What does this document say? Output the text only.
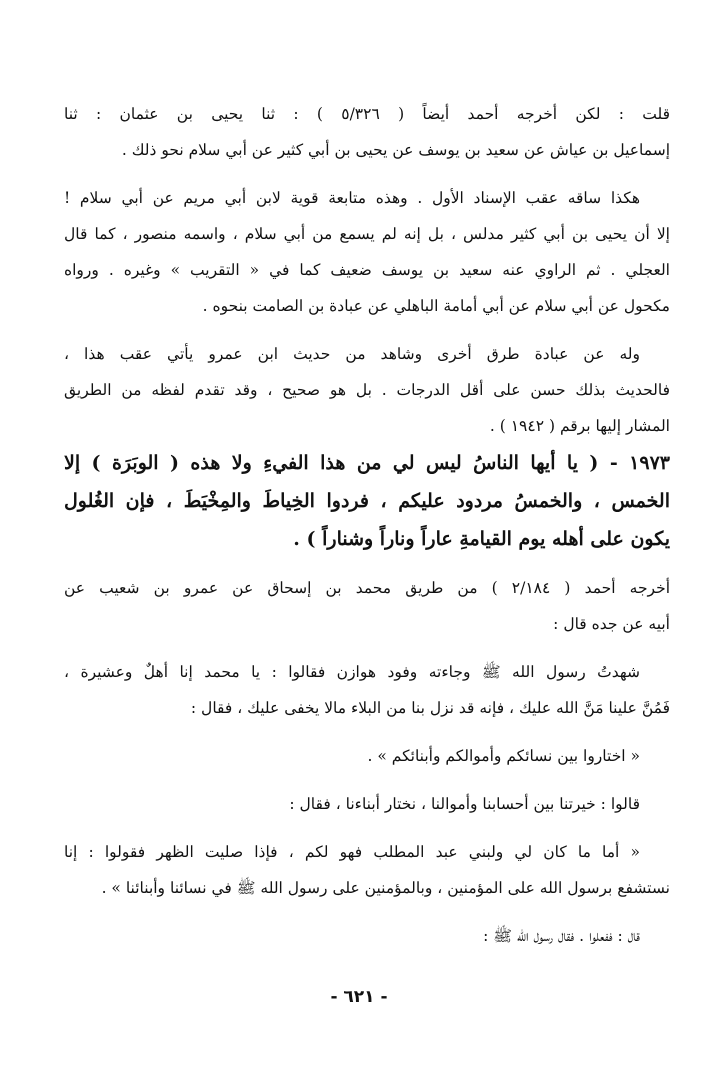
قلت : لكن أخرجه أحمد أيضاً ( ٥/٣٢٦ ) : ثنا يحيى بن عثمان : ثنا
إسماعيل بن عياش عن سعيد بن يوسف عن يحيى بن أبي كثير عن أبي سلام نحو ذلك .
هكذا ساقه عقب الإسناد الأول . وهذه متابعة قوية لابن أبي مريم عن أبي سلام !
إلا أن يحيى بن أبي كثير مدلس ، بل إنه لم يسمع من أبي سلام ، واسمه منصور ، كما قال
العجلي . ثم الراوي عنه سعيد بن يوسف ضعيف كما في « التقريب » وغيره . ورواه
مكحول عن أبي سلام عن أبي أمامة الباهلي عن عبادة بن الصامت بنحوه .
وله عن عبادة طرق أخرى وشاهد من حديث ابن عمرو يأتي عقب هذا ،
فالحديث بذلك حسن على أقل الدرجات . بل هو صحيح ، وقد تقدم لفظه من الطريق
المشار إليها برقم ( ١٩٤٢ ) .
١٩٧٣ - ( يا أيها الناسُ ليس لي من هذا الفيءِ ولا هذه ( الوبَرَة ) إلا
الخمس ، والخمسُ مردود عليكم ، فردوا الخِياطَ والمِخْيَطَ ، فإن الغُلول
يكون على أهله يوم القيامةِ عاراً وناراً وشناراً ) .
أخرجه أحمد ( ٢/١٨٤ ) من طريق محمد بن إسحاق عن عمرو بن شعيب عن
أبيه عن جده قال :
شهدتُ رسول الله ﷺ وجاءته وفود هوازن فقالوا : يا محمد إنا أهلٌ وعشيرة ،
فَمُنَّ علينا مَنَّ الله عليك ، فإنه قد نزل بنا من البلاء مالا يخفى عليك ، فقال :
« اختاروا بين نسائكم وأموالكم وأبنائكم » .
قالوا : خيرتنا بين أحسابنا وأموالنا ، نختار أبناءنا ، فقال :
« أما ما كان لي ولبني عبد المطلب فهو لكم ، فإذا صليت الظهر فقولوا : إنا
نستشفع برسول الله على المؤمنين ، وبالمؤمنين على رسول الله ﷺ في نسائنا وأبنائنا » .
قال : ففعلوا . فقال رسول الله ﷺ :
- ٦٢١ -
